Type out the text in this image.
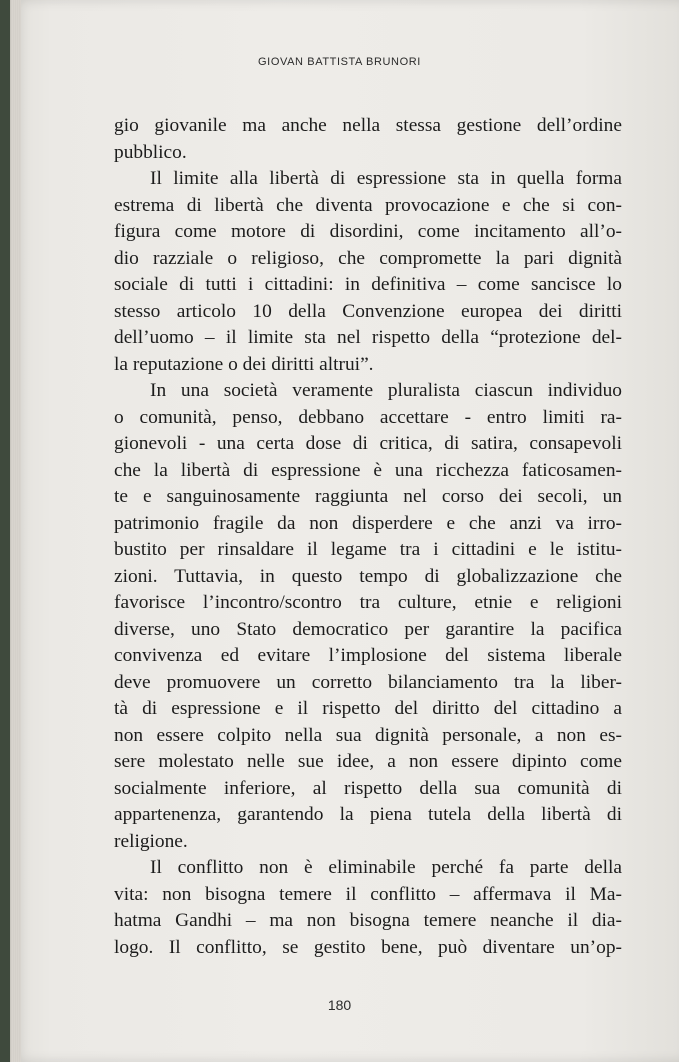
GIOVAN BATTISTA BRUNORI
gio giovanile ma anche nella stessa gestione dell’ordine
pubblico.
Il limite alla libertà di espressione sta in quella forma
estrema di libertà che diventa provocazione e che si con-
figura come motore di disordini, come incitamento all’o-
dio razziale o religioso, che compromette la pari dignità
sociale di tutti i cittadini: in definitiva – come sancisce lo
stesso articolo 10 della Convenzione europea dei diritti
dell’uomo – il limite sta nel rispetto della “protezione del-
la reputazione o dei diritti altrui”.
In una società veramente pluralista ciascun individuo
o comunità, penso, debbano accettare - entro limiti ra-
gionevoli - una certa dose di critica, di satira, consapevoli
che la libertà di espressione è una ricchezza faticosamen-
te e sanguinosamente raggiunta nel corso dei secoli, un
patrimonio fragile da non disperdere e che anzi va irro-
bustito per rinsaldare il legame tra i cittadini e le istitu-
zioni. Tuttavia, in questo tempo di globalizzazione che
favorisce l’incontro/scontro tra culture, etnie e religioni
diverse, uno Stato democratico per garantire la pacifica
convivenza ed evitare l’implosione del sistema liberale
deve promuovere un corretto bilanciamento tra la liber-
tà di espressione e il rispetto del diritto del cittadino a
non essere colpito nella sua dignità personale, a non es-
sere molestato nelle sue idee, a non essere dipinto come
socialmente inferiore, al rispetto della sua comunità di
appartenenza, garantendo la piena tutela della libertà di
religione.
Il conflitto non è eliminabile perché fa parte della
vita: non bisogna temere il conflitto – affermava il Ma-
hatma Gandhi – ma non bisogna temere neanche il dia-
logo. Il conflitto, se gestito bene, può diventare un’op-
180
